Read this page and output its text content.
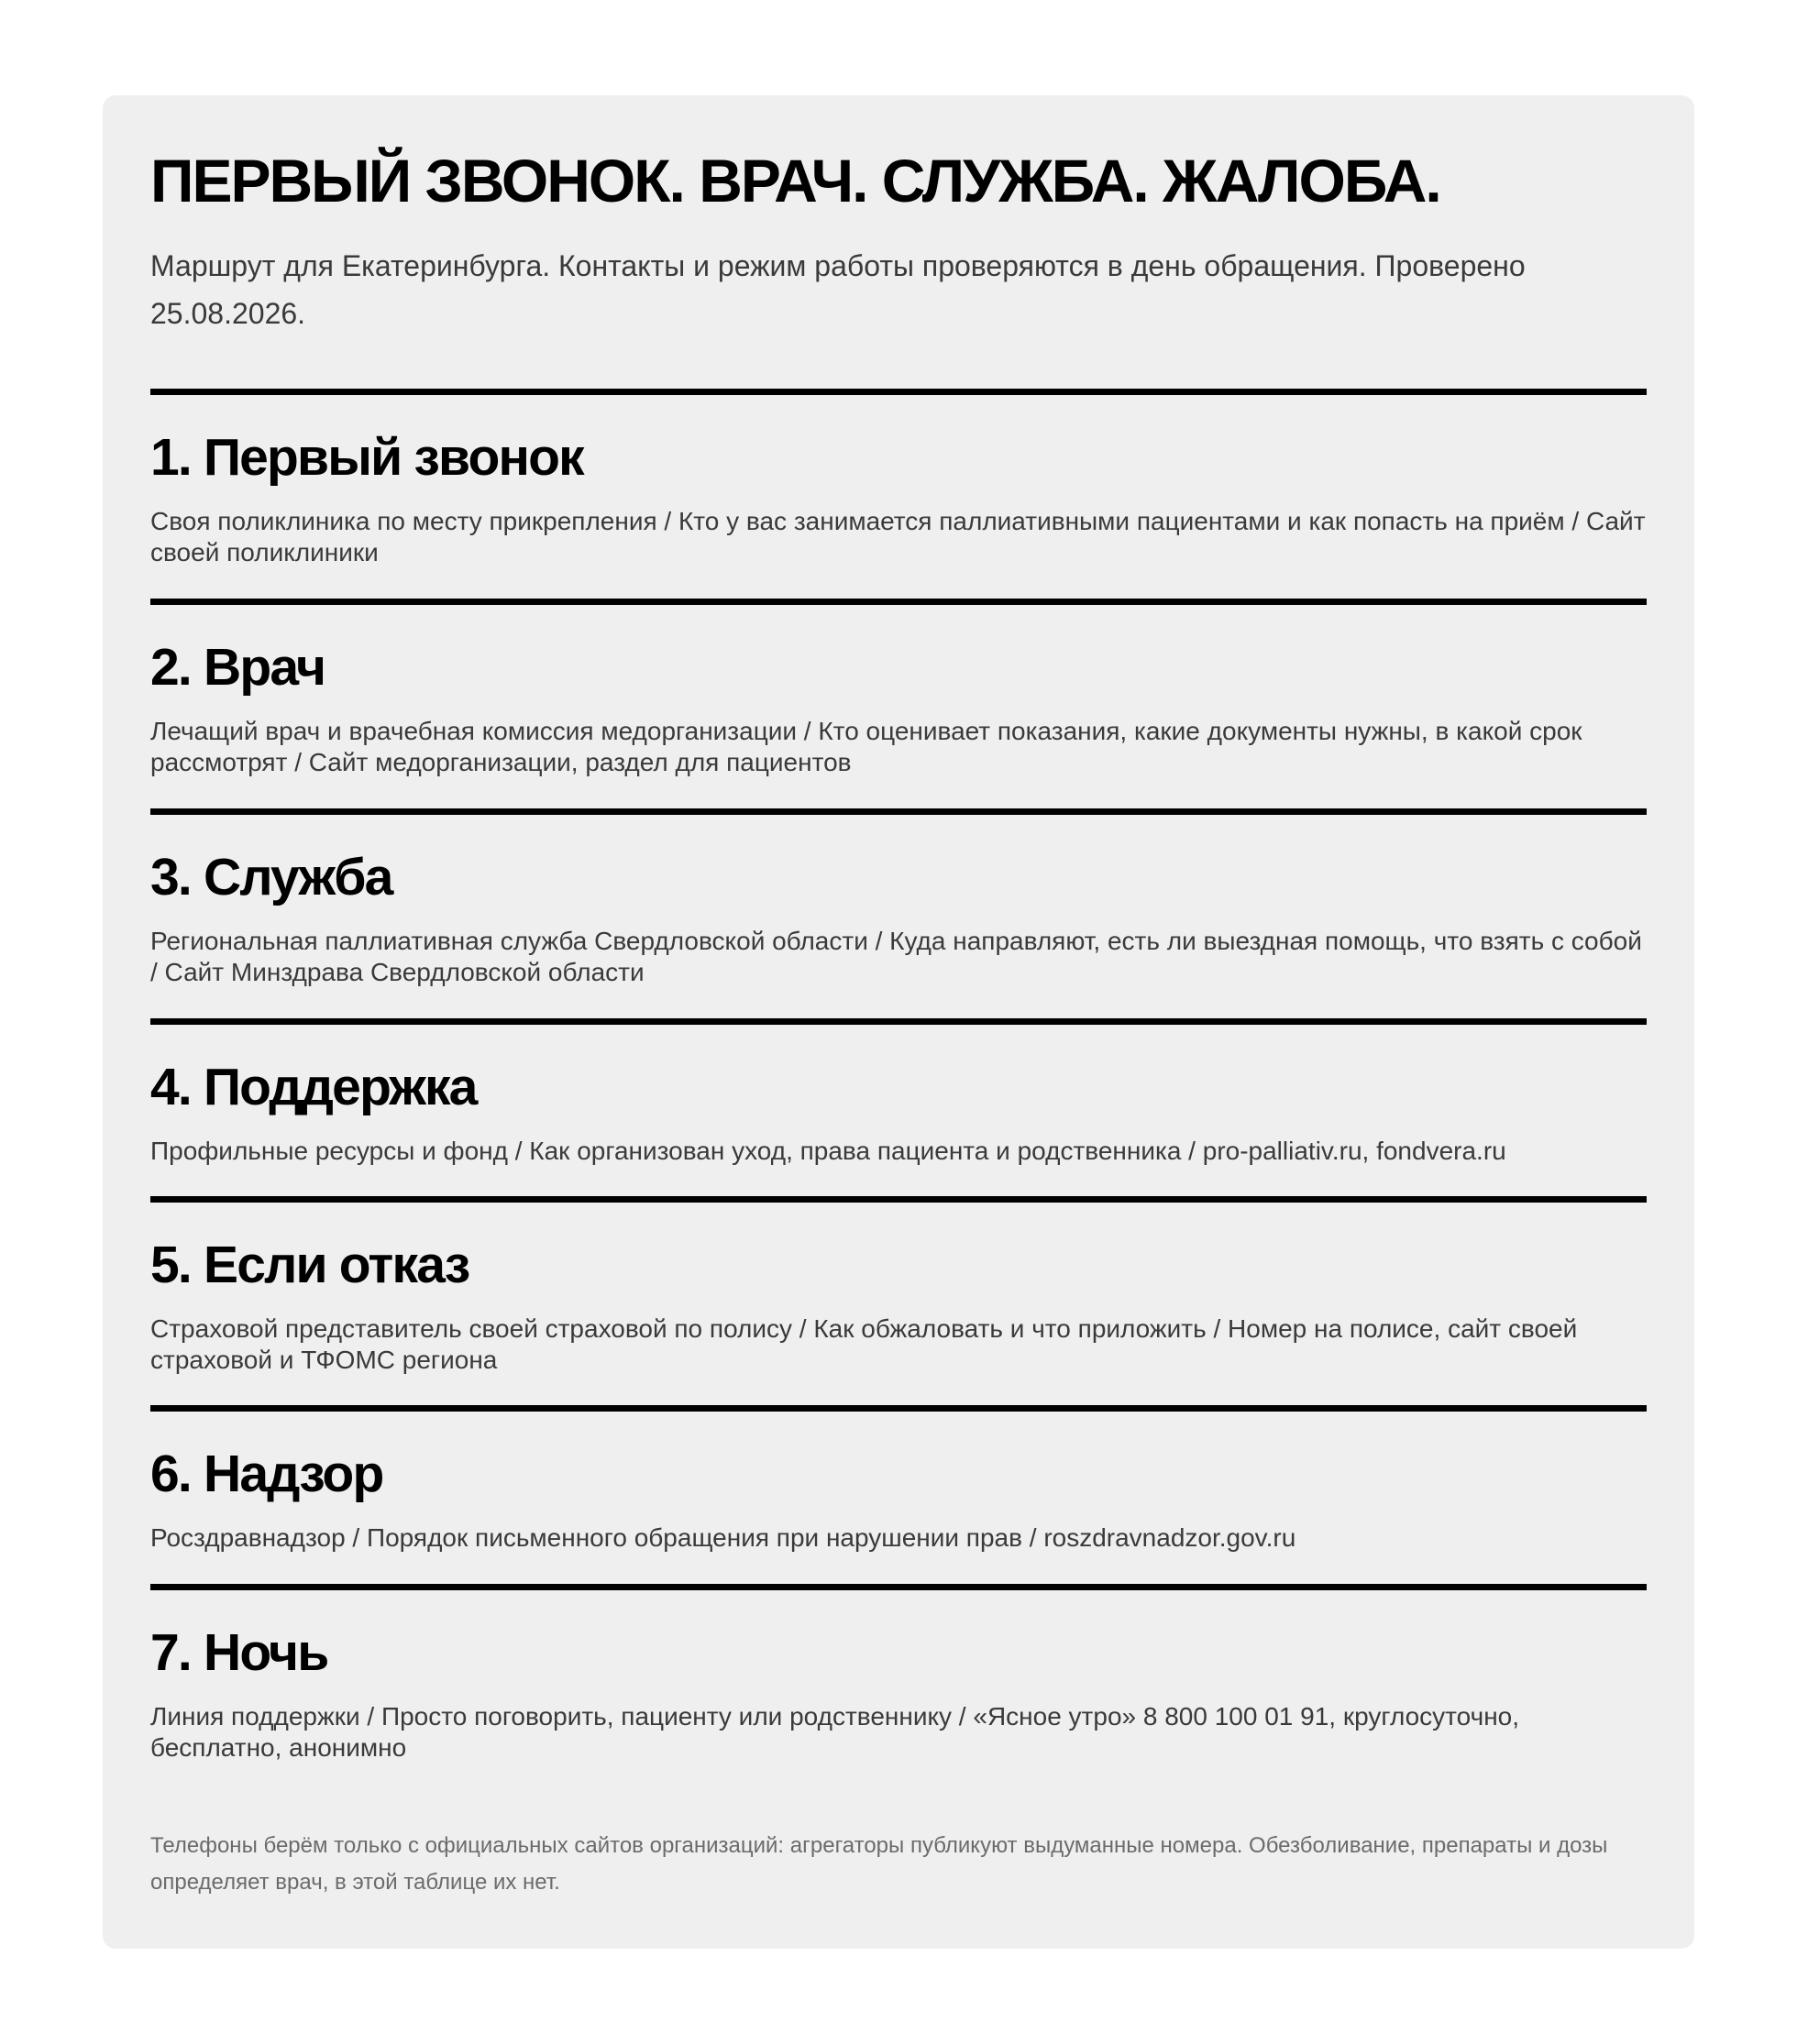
ПЕРВЫЙ ЗВОНОК. ВРАЧ. СЛУЖБА. ЖАЛОБА.

Маршрут для Екатеринбурга. Контакты и режим работы проверяются в день обращения. Проверено 25.08.2026.

1. Первый звонок

Своя поликлиника по месту прикрепления / Кто у вас занимается паллиативными пациентами и как попасть на приём / Сайт своей поликлиники

2. Врач

Лечащий врач и врачебная комиссия медорганизации / Кто оценивает показания, какие документы нужны, в какой срок рассмотрят / Сайт медорганизации, раздел для пациентов

3. Служба

Региональная паллиативная служба Свердловской области / Куда направляют, есть ли выездная помощь, что взять с собой / Сайт Минздрава Свердловской области

4. Поддержка

Профильные ресурсы и фонд / Как организован уход, права пациента и родственника / pro-palliativ.ru, fondvera.ru

5. Если отказ

Страховой представитель своей страховой по полису / Как обжаловать и что приложить / Номер на полисе, сайт своей страховой и ТФОМС региона

6. Надзор

Росздравнадзор / Порядок письменного обращения при нарушении прав / roszdravnadzor.gov.ru

7. Ночь

Линия поддержки / Просто поговорить, пациенту или родственнику / «Ясное утро» 8 800 100 01 91, круглосуточно, бесплатно, анонимно

Телефоны берём только с официальных сайтов организаций: агрегаторы публикуют выдуманные номера. Обезболивание, препараты и дозы определяет врач, в этой таблице их нет.
